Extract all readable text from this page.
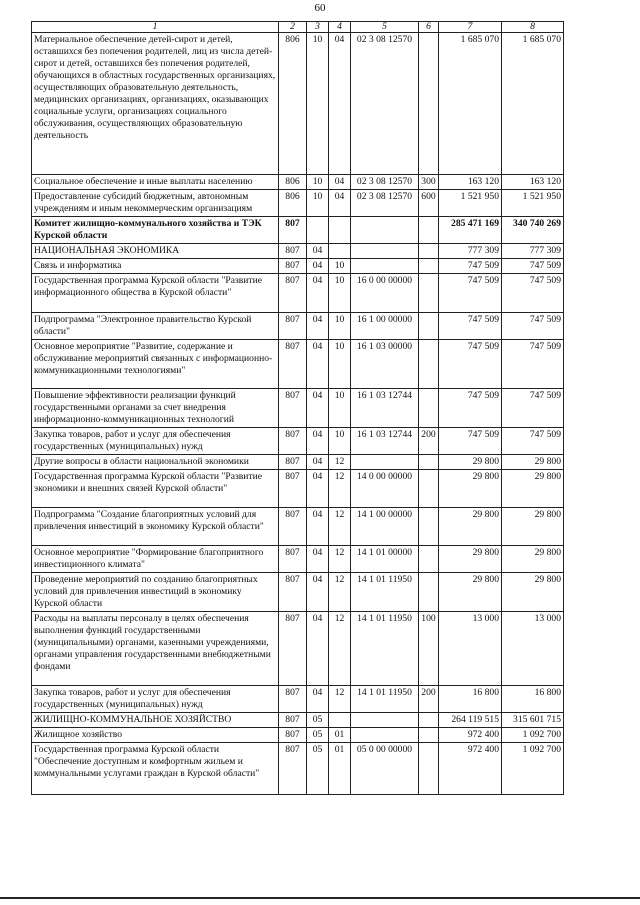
60
1	2	3	4	5	6	7	8
Материальное обеспечение детей-сирот и детей, оставшихся без попечения родителей, лиц из числа детей-сирот и детей, оставшихся без попечения родителей, обучающихся в областных государственных организациях, осуществляющих образовательную деятельность, медицинских организациях, организациях, оказывающих социальные услуги, организациях социального обслуживания, осуществляющих образовательную деятельность	806	10	04	02 3 08 12570		1 685 070	1 685 070
Социальное обеспечение и иные выплаты населению	806	10	04	02 3 08 12570	300	163 120	163 120
Предоставление субсидий бюджетным, автономным учреждениям и иным некоммерческим организациям	806	10	04	02 3 08 12570	600	1 521 950	1 521 950
Комитет жилищно-коммунального хозяйства и ТЭК Курской области	807					285 471 169	340 740 269
НАЦИОНАЛЬНАЯ ЭКОНОМИКА	807	04				777 309	777 309
Связь и информатика	807	04	10			747 509	747 509
Государственная программа Курской области "Развитие информационного общества в Курской области"	807	04	10	16 0 00 00000		747 509	747 509
Подпрограмма "Электронное правительство Курской области"	807	04	10	16 1 00 00000		747 509	747 509
Основное мероприятие "Развитие, содержание и обслуживание мероприятий связанных с информационно-коммуникационными технологиями"	807	04	10	16 1 03 00000		747 509	747 509
Повышение эффективности реализации функций государственными органами за счет внедрения информационно-коммуникационных технологий	807	04	10	16 1 03 12744		747 509	747 509
Закупка товаров, работ и услуг для обеспечения государственных (муниципальных) нужд	807	04	10	16 1 03 12744	200	747 509	747 509
Другие вопросы в области национальной экономики	807	04	12			29 800	29 800
Государственная программа Курской области "Развитие экономики и внешних связей Курской области"	807	04	12	14 0 00 00000		29 800	29 800
Подпрограмма "Создание благоприятных условий для привлечения инвестиций в экономику Курской области"	807	04	12	14 1 00 00000		29 800	29 800
Основное мероприятие "Формирование благоприятного инвестиционного климата"	807	04	12	14 1 01 00000		29 800	29 800
Проведение мероприятий по созданию благоприятных условий для привлечения инвестиций в экономику Курской области	807	04	12	14 1 01 11950		29 800	29 800
Расходы на выплаты персоналу в целях обеспечения выполнения функций государственными (муниципальными) органами, казенными учреждениями, органами управления государственными внебюджетными фондами	807	04	12	14 1 01 11950	100	13 000	13 000
Закупка товаров, работ и услуг для обеспечения государственных (муниципальных) нужд	807	04	12	14 1 01 11950	200	16 800	16 800
ЖИЛИЩНО-КОММУНАЛЬНОЕ ХОЗЯЙСТВО	807	05				264 119 515	315 601 715
Жилищное хозяйство	807	05	01			972 400	1 092 700
Государственная программа Курской области "Обеспечение доступным и комфортным жильем и коммунальными услугами граждан в Курской области"	807	05	01	05 0 00 00000		972 400	1 092 700
